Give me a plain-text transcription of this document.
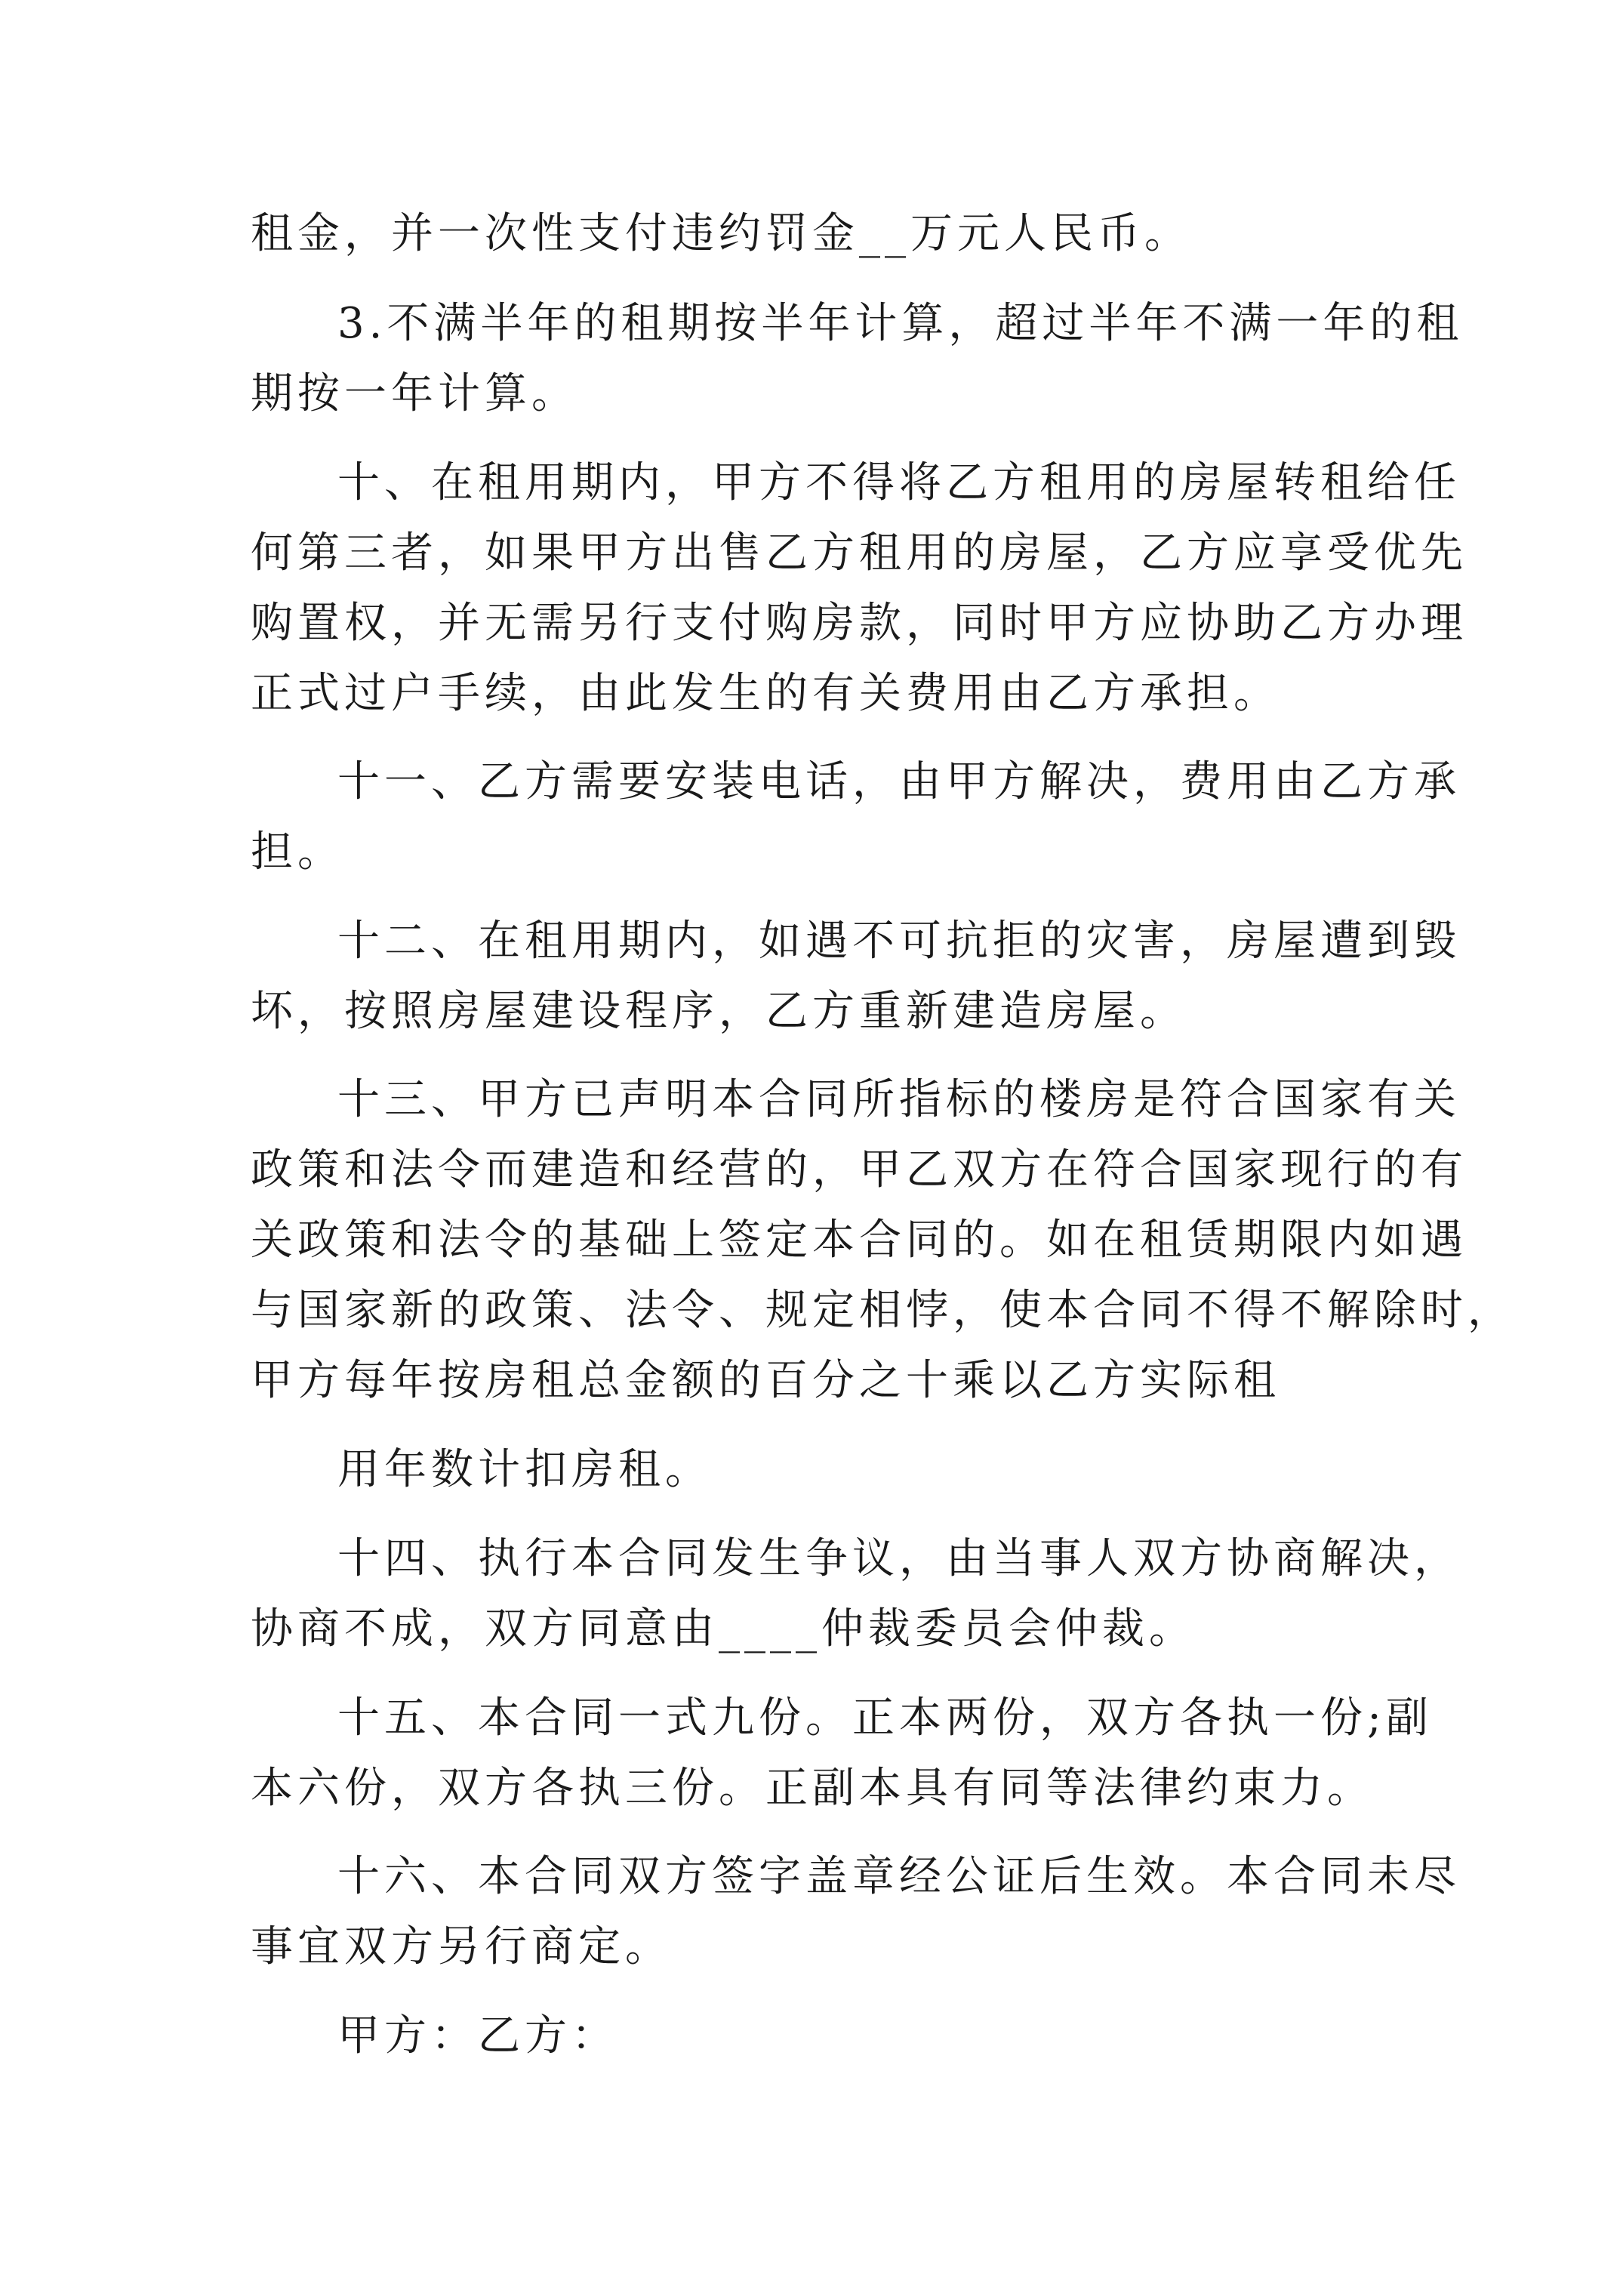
租金，并一次性支付违约罚金__万元人民币。
3.不满半年的租期按半年计算，超过半年不满一年的租
期按一年计算。
十、在租用期内，甲方不得将乙方租用的房屋转租给任
何第三者，如果甲方出售乙方租用的房屋，乙方应享受优先
购置权，并无需另行支付购房款，同时甲方应协助乙方办理
正式过户手续，由此发生的有关费用由乙方承担。
十一、乙方需要安装电话，由甲方解决，费用由乙方承
担。
十二、在租用期内，如遇不可抗拒的灾害，房屋遭到毁
坏，按照房屋建设程序，乙方重新建造房屋。
十三、甲方已声明本合同所指标的楼房是符合国家有关
政策和法令而建造和经营的，甲乙双方在符合国家现行的有
关政策和法令的基础上签定本合同的。如在租赁期限内如遇
与国家新的政策、法令、规定相悖，使本合同不得不解除时，
甲方每年按房租总金额的百分之十乘以乙方实际租
用年数计扣房租。
十四、执行本合同发生争议，由当事人双方协商解决，
协商不成，双方同意由____仲裁委员会仲裁。
十五、本合同一式九份。正本两份，双方各执一份;副
本六份，双方各执三份。正副本具有同等法律约束力。
十六、本合同双方签字盖章经公证后生效。本合同未尽
事宜双方另行商定。
甲方：乙方：
